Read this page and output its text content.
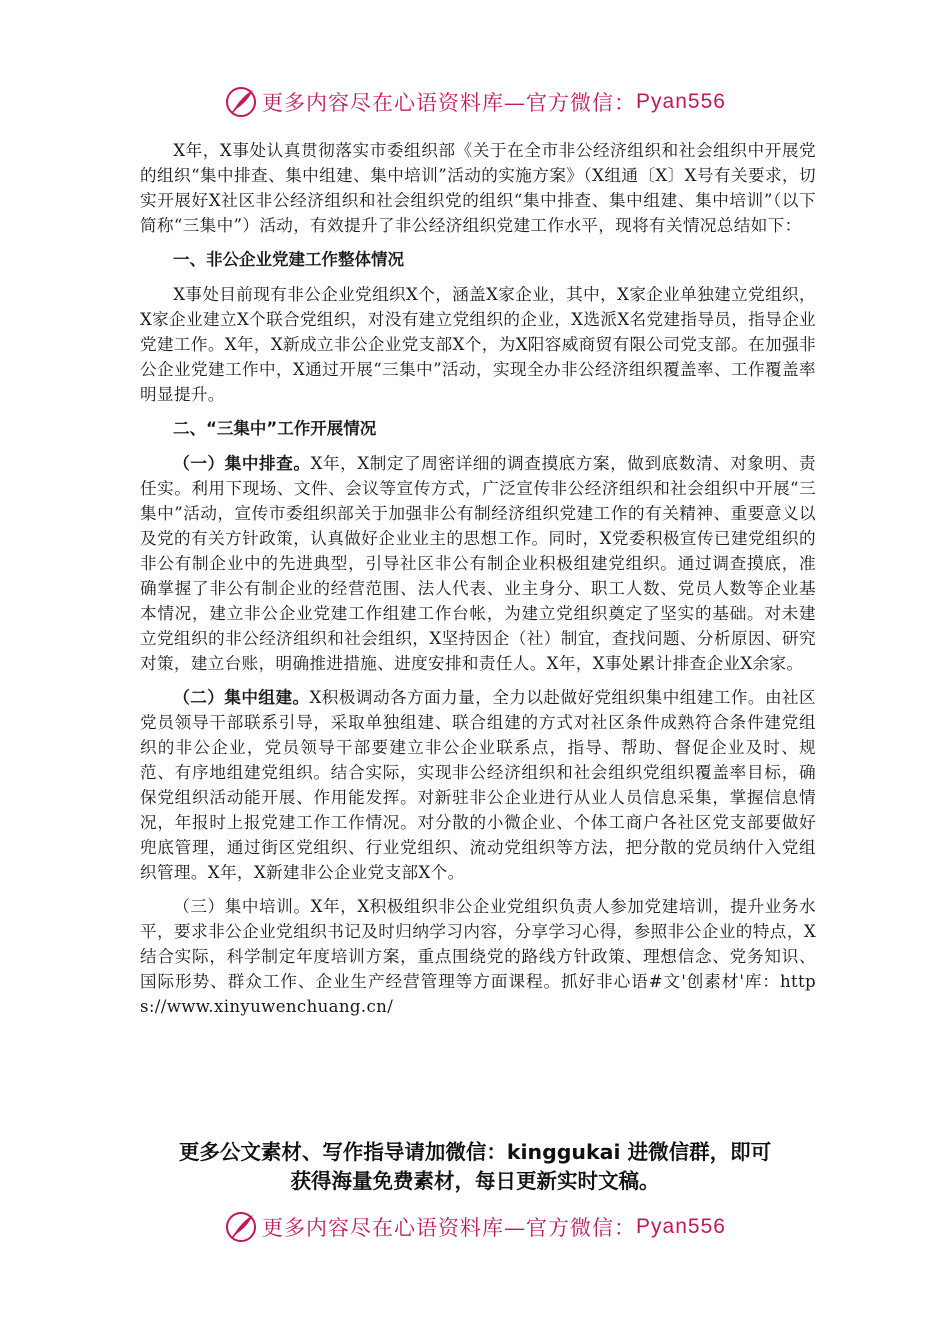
更多内容尽在心语资料库—官方微信： Pyan556

X年，X事处认真贯彻落实市委组织部《关于在全市非公经济组织和社会组织中开展党的组织“集中排查、集中组建、集中培训”活动的实施方案》（X组通〔X〕X号有关要求，切实开展好X社区非公经济组织和社会组织党的组织“集中排查、集中组建、集中培训”（以下简称“三集中”）活动，有效提升了非公经济组织党建工作水平，现将有关情况总结如下：

一、非公企业党建工作整体情况

X事处目前现有非公企业党组织X个，涵盖X家企业，其中，X家企业单独建立党组织，X家企业建立X个联合党组织，对没有建立党组织的企业，X选派X名党建指导员，指导企业党建工作。X年，X新成立非公企业党支部X个，为X阳容威商贸有限公司党支部。在加强非公企业党建工作中，X通过开展“三集中”活动，实现全办非公经济组织覆盖率、工作覆盖率明显提升。

二、“三集中”工作开展情况

（一）集中排查。X年，X制定了周密详细的调查摸底方案，做到底数清、对象明、责任实。利用下现场、文件、会议等宣传方式，广泛宣传非公经济组织和社会组织中开展“三集中”活动，宣传市委组织部关于加强非公有制经济组织党建工作的有关精神、重要意义以及党的有关方针政策，认真做好企业业主的思想工作。同时，X党委积极宣传已建党组织的非公有制企业中的先进典型，引导社区非公有制企业积极组建党组织。通过调查摸底，准确掌握了非公有制企业的经营范围、法人代表、业主身分、职工人数、党员人数等企业基本情况，建立非公企业党建工作组建工作台帐，为建立党组织奠定了坚实的基础。对未建立党组织的非公经济组织和社会组织，X坚持因企（社）制宜，查找问题、分析原因、研究对策，建立台账，明确推进措施、进度安排和责任人。X年，X事处累计排查企业X余家。

（二）集中组建。X积极调动各方面力量，全力以赴做好党组织集中组建工作。由社区党员领导干部联系引导，采取单独组建、联合组建的方式对社区条件成熟符合条件建党组织的非公企业，党员领导干部要建立非公企业联系点，指导、帮助、督促企业及时、规范、有序地组建党组织。结合实际，实现非公经济组织和社会组织党组织覆盖率目标，确保党组织活动能开展、作用能发挥。对新驻非公企业进行从业人员信息采集，掌握信息情况，年报时上报党建工作工作情况。对分散的小微企业、个体工商户各社区党支部要做好兜底管理，通过街区党组织、行业党组织、流动党组织等方法，把分散的党员纳什入党组织管理。X年，X新建非公企业党支部X个。

（三）集中培训。X年，X积极组织非公企业党组织负责人参加党建培训，提升业务水平，要求非公企业党组织书记及时归纳学习内容，分享学习心得，参照非公企业的特点，X结合实际，科学制定年度培训方案，重点围绕党的路线方针政策、理想信念、党务知识、国际形势、群众工作、企业生产经营管理等方面课程。抓好非心语#文'创素材'库：https://www.xinyuwenchuang.cn/

更多公文素材、写作指导请加微信：kinggukai 进微信群，即可
获得海量免费素材，每日更新实时文稿。
更多内容尽在心语资料库—官方微信： Pyan556
